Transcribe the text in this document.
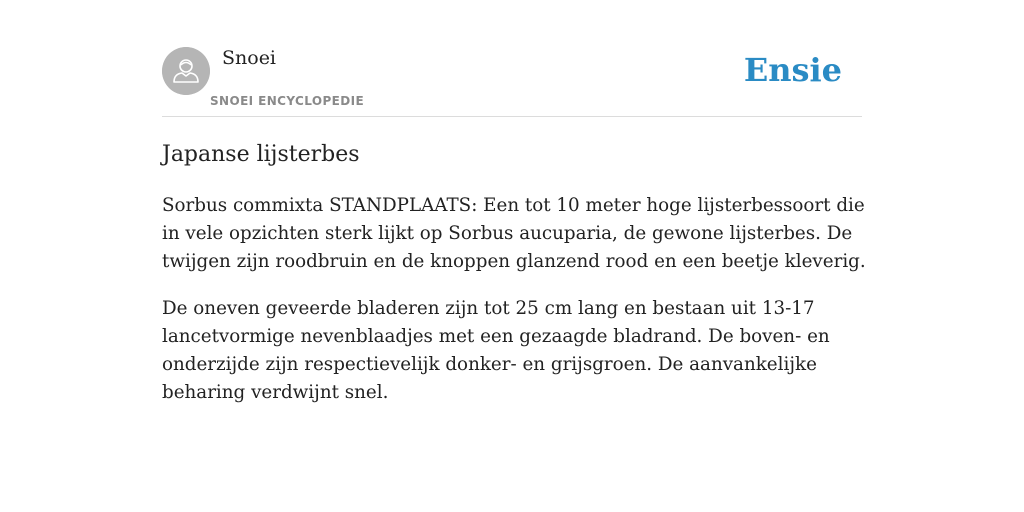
Snoei
SNOEI ENCYCLOPEDIE
Ensie
Japanse lijsterbes

Sorbus commixta STANDPLAATS: Een tot 10 meter hoge lijsterbessoort die in vele opzichten sterk lijkt op Sorbus aucuparia, de gewone lijsterbes. De twijgen zijn roodbruin en de knoppen glanzend rood en een beetje kleverig.

De oneven geveerde bladeren zijn tot 25 cm lang en bestaan uit 13-17 lancetvormige nevenblaadjes met een gezaagde bladrand. De boven- en onderzijde zijn respectievelijk donker- en grijsgroen. De aanvankelijke beharing verdwijnt snel.
